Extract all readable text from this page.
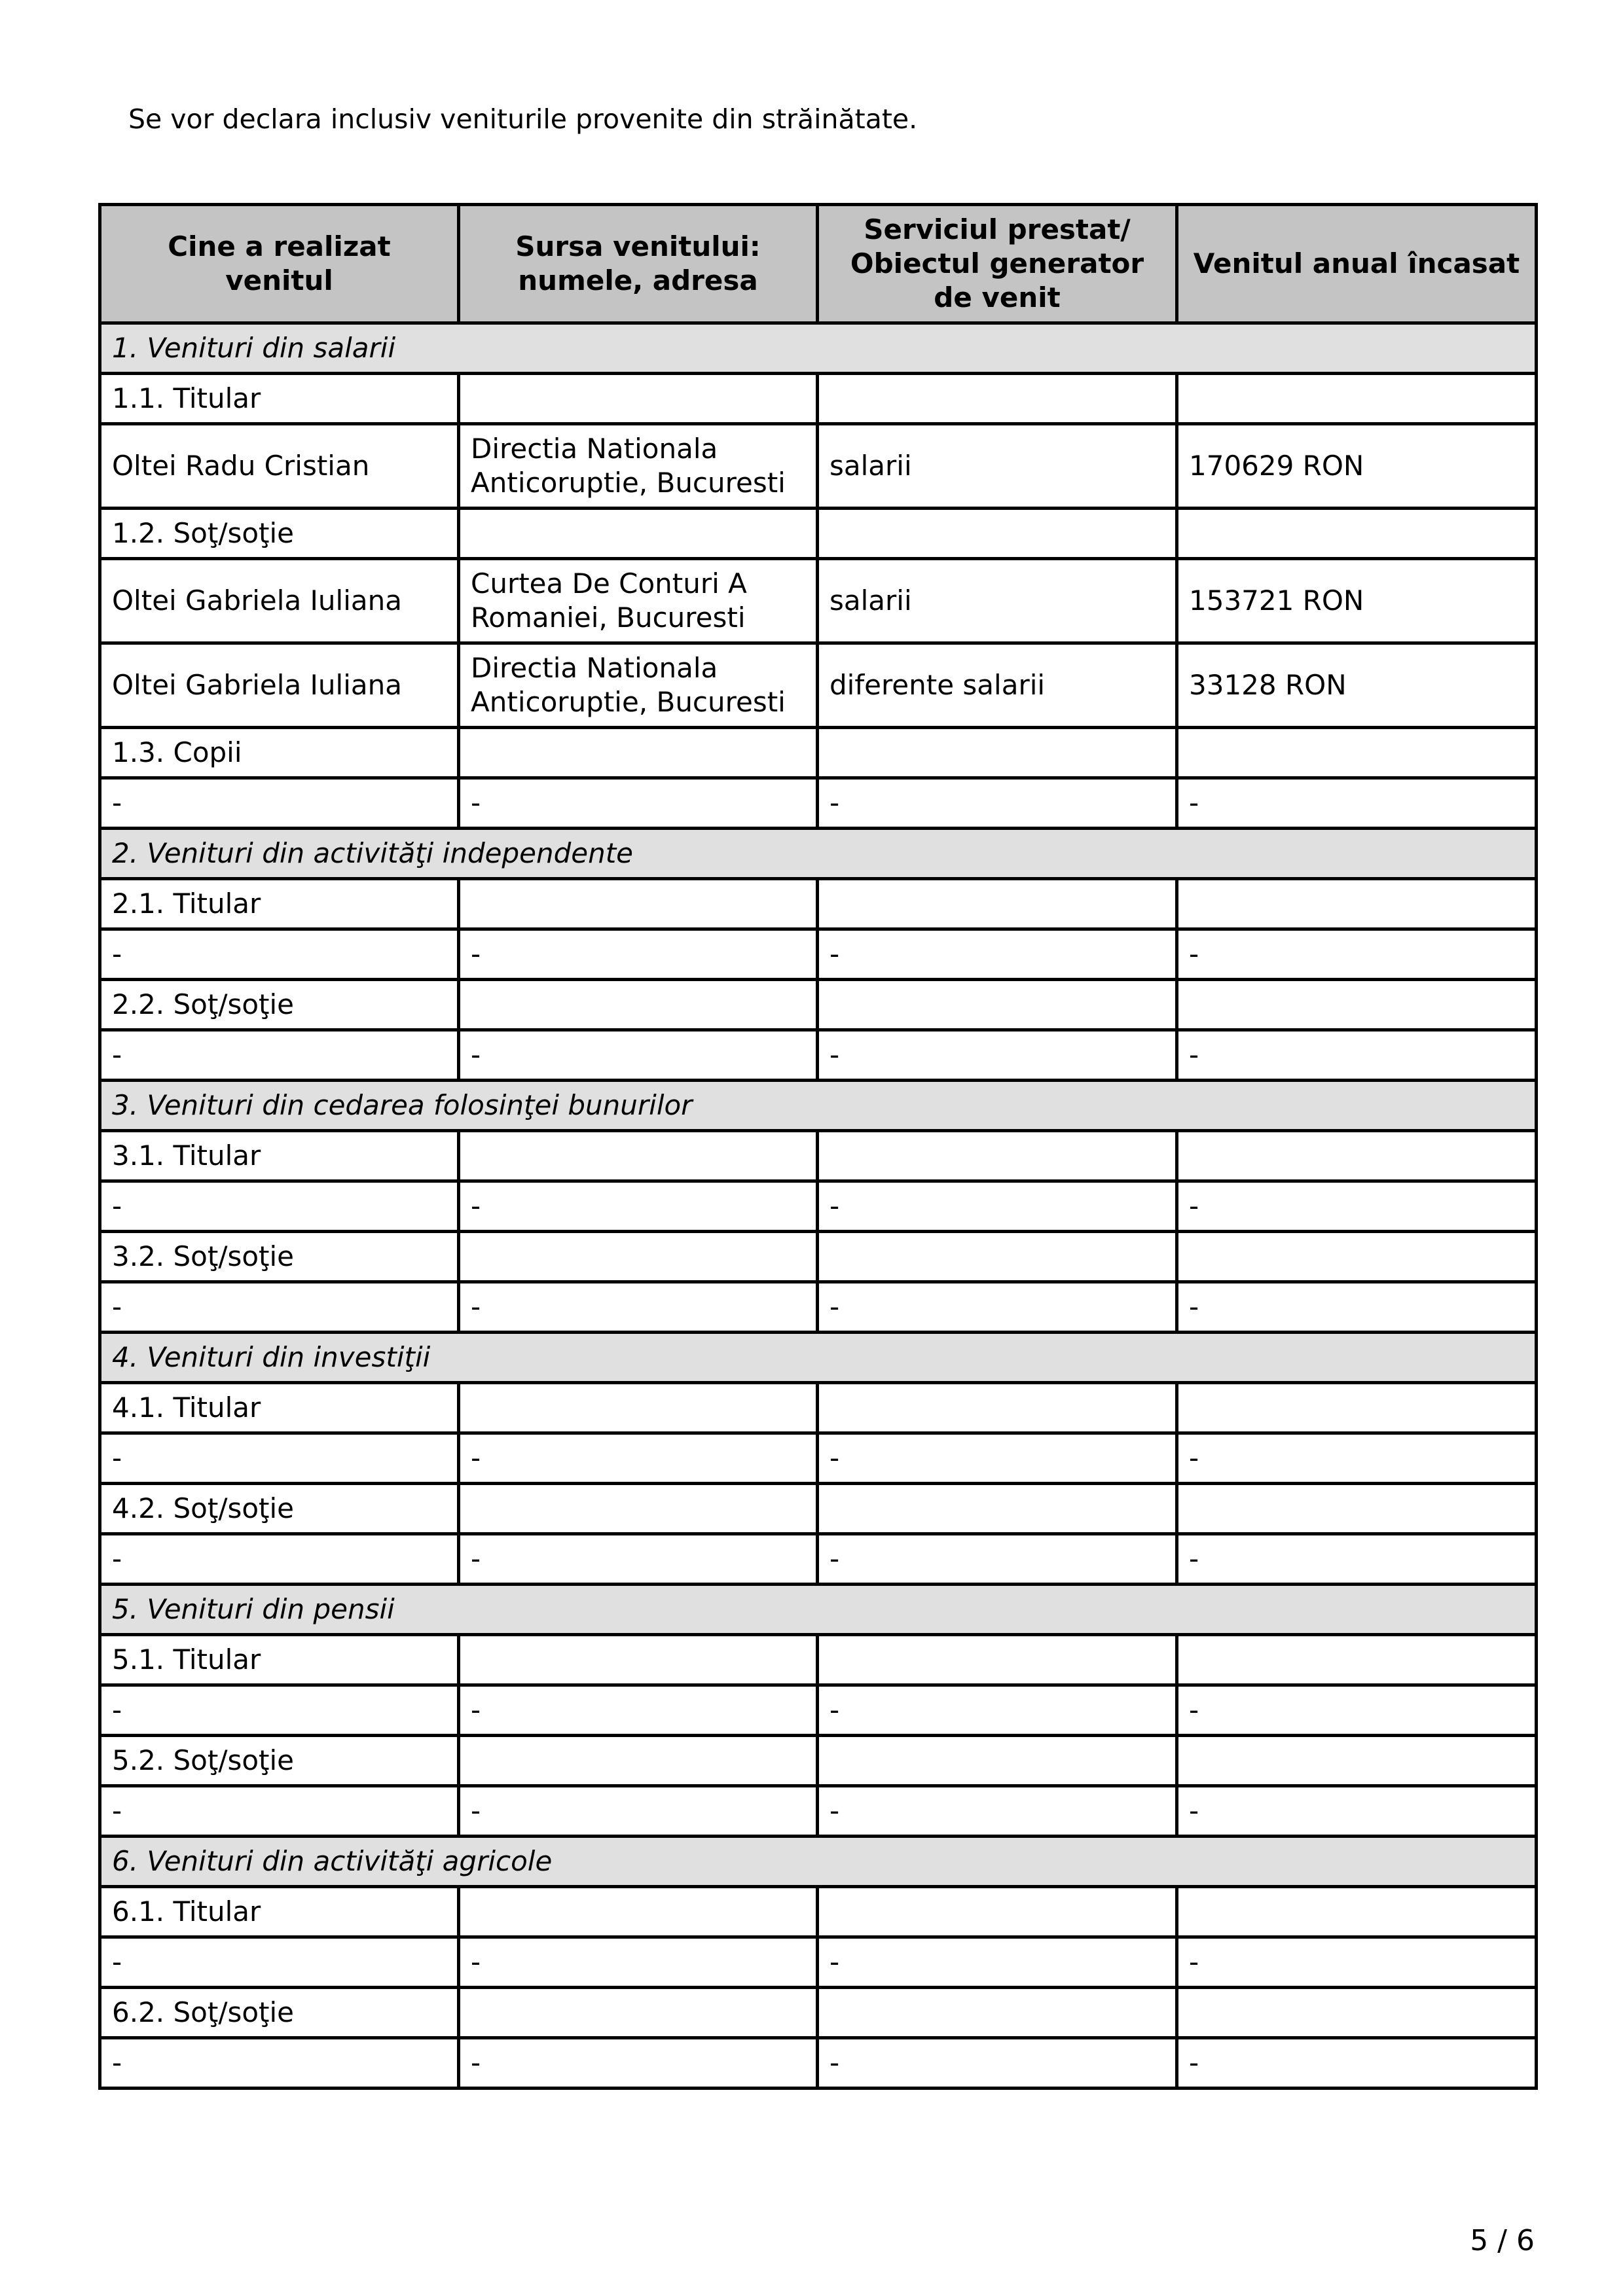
Se vor declara inclusiv veniturile provenite din străinătate.
Cine a realizat venitul	Sursa venitului: numele, adresa	Serviciul prestat/ Obiectul generator de venit	Venitul anual încasat
1. Venituri din salarii			
1.1. Titular			
Oltei Radu Cristian	Directia Nationala Anticoruptie, Bucuresti	salarii	170629 RON
1.2. Soţ/soţie			
Oltei Gabriela Iuliana	Curtea De Conturi A Romaniei, Bucuresti	salarii	153721 RON
Oltei Gabriela Iuliana	Directia Nationala Anticoruptie, Bucuresti	diferente salarii	33128 RON
1.3. Copii			
-	-	-	-
2. Venituri din activităţi independente			
2.1. Titular			
-	-	-	-
2.2. Soţ/soţie			
-	-	-	-
3. Venituri din cedarea folosinţei bunurilor			
3.1. Titular			
-	-	-	-
3.2. Soţ/soţie			
-	-	-	-
4. Venituri din investiţii			
4.1. Titular			
-	-	-	-
4.2. Soţ/soţie			
-	-	-	-
5. Venituri din pensii			
5.1. Titular			
-	-	-	-
5.2. Soţ/soţie			
-	-	-	-
6. Venituri din activităţi agricole			
6.1. Titular			
-	-	-	-
6.2. Soţ/soţie			
-	-	-	-
5 / 6
